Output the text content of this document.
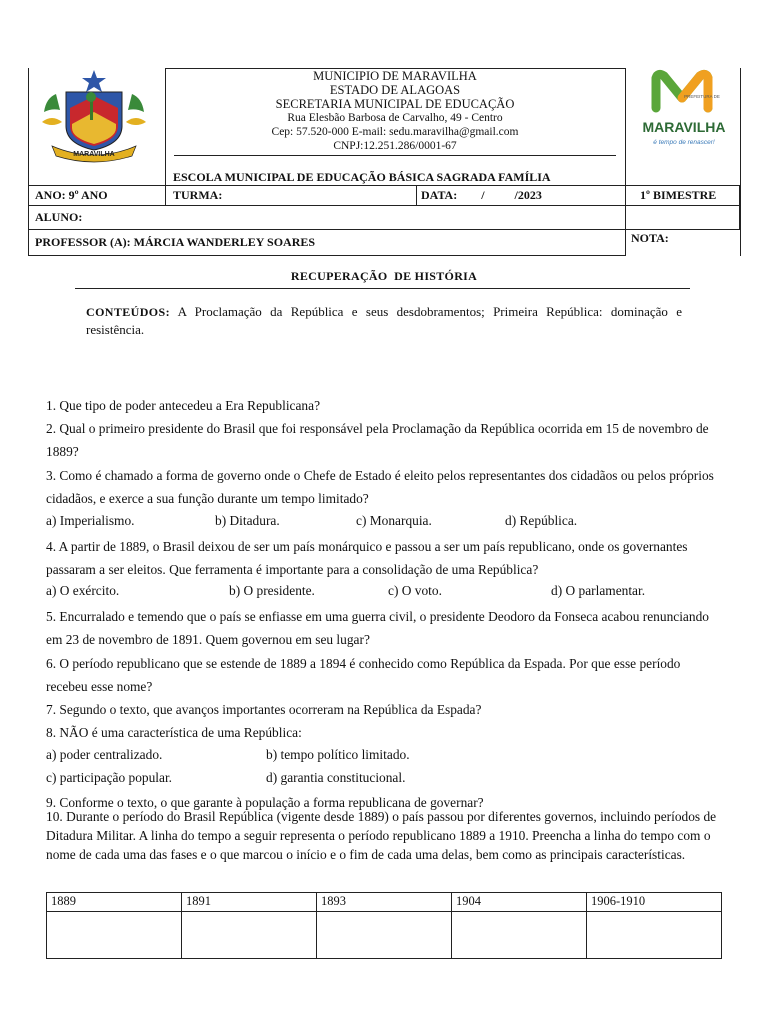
MARAVILHA
MUNICIPIO DE MARAVILHA
ESTADO DE ALAGOAS
SECRETARIA MUNICIPAL DE EDUCAÇÃO
Rua Elesbão Barbosa de Carvalho, 49 - Centro
Cep: 57.520-000 E-mail: sedu.maravilha@gmail.com
CNPJ:12.251.286/0001-67
ESCOLA MUNICIPAL DE EDUCAÇÃO BÁSICA SAGRADA FAMÍLIA
PREFEITURA DE
MARAVILHA
é tempo de renascer!
ANO: 9º ANO	TURMA:	DATA:        /          /2023	1º BIMESTRE
ALUNO:
PROFESSOR (A): MÁRCIA WANDERLEY SOARES	NOTA:
RECUPERAÇÃO  DE HISTÓRIA
CONTEÚDOS: A Proclamação da República e seus desdobramentos; Primeira República: dominação e resistência.
1. Que tipo de poder antecedeu a Era Republicana?
2. Qual o primeiro presidente do Brasil que foi responsável pela Proclamação da República ocorrida em 15 de novembro de 1889?
3. Como é chamado a forma de governo onde o Chefe de Estado é eleito pelos representantes dos cidadãos ou pelos próprios cidadãos, e exerce a sua função durante um tempo limitado?
a) Imperialismo.	b) Ditadura.	c) Monarquia.	d) República.
4. A partir de 1889, o Brasil deixou de ser um país monárquico e passou a ser um país republicano, onde os governantes passaram a ser eleitos. Que ferramenta é importante para a consolidação de uma República?
a) O exército.	b) O presidente.	c) O voto.	d) O parlamentar.
5. Encurralado e temendo que o país se enfiasse em uma guerra civil, o presidente Deodoro da Fonseca acabou renunciando em 23 de novembro de 1891. Quem governou em seu lugar?
6. O período republicano que se estende de 1889 a 1894 é conhecido como República da Espada. Por que esse período recebeu esse nome?
7. Segundo o texto, que avanços importantes ocorreram na República da Espada?
8. NÃO é uma característica de uma República:
a) poder centralizado.	b) tempo político limitado.
c) participação popular.	d) garantia constitucional.
9. Conforme o texto, o que garante à população a forma republicana de governar?
10. Durante o período do Brasil República (vigente desde 1889) o país passou por diferentes governos, incluindo períodos de Ditadura Militar. A linha do tempo a seguir representa o período republicano 1889 a 1910. Preencha a linha do tempo com o nome de cada uma das fases e o que marcou o início e o fim de cada uma delas, bem como as principais características.
1889	1891	1893	1904	1906-1910
